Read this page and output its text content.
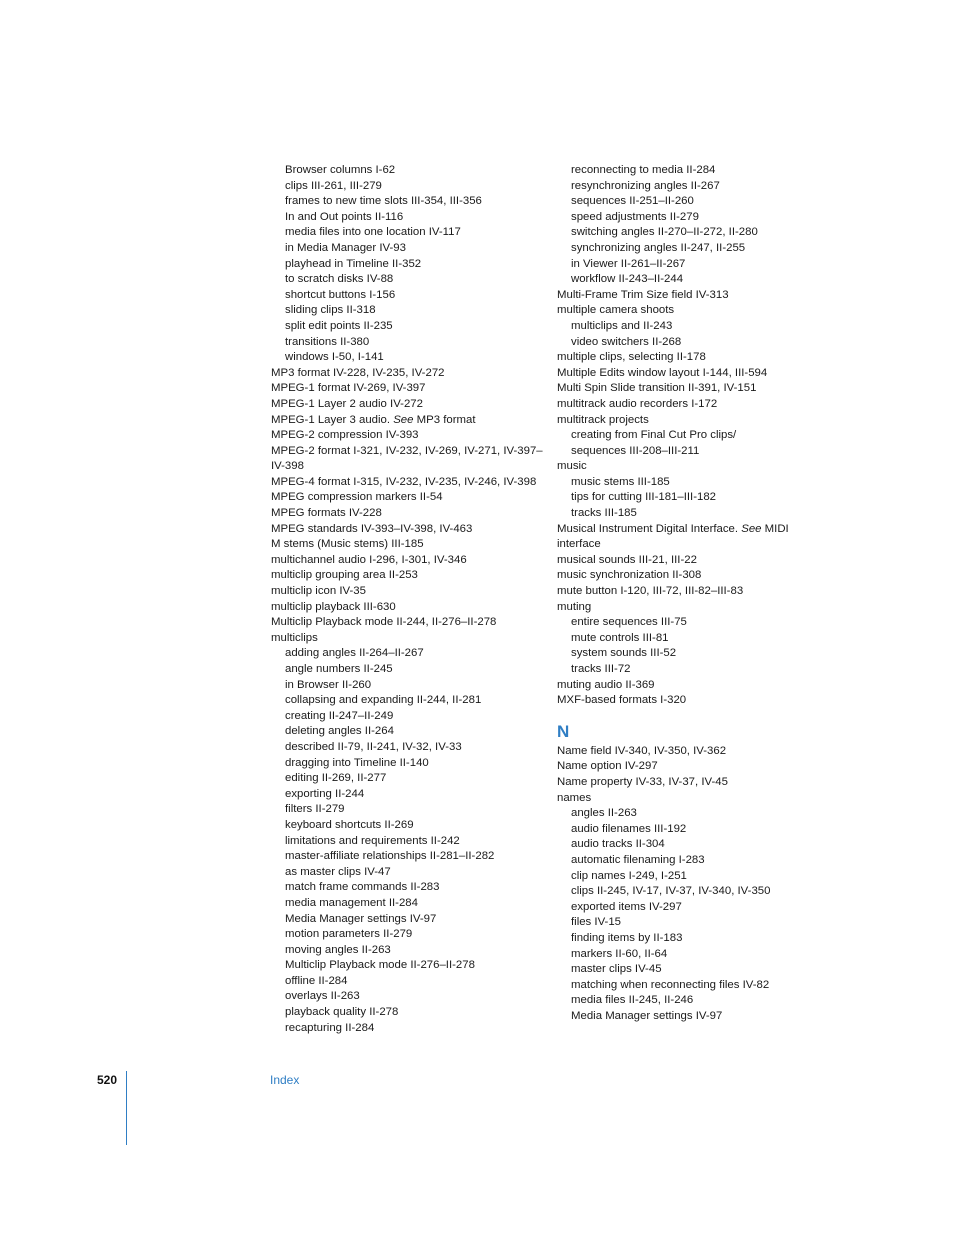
Browser columns I-62
clips III-261, III-279
frames to new time slots III-354, III-356
In and Out points II-116
media files into one location IV-117
in Media Manager IV-93
playhead in Timeline II-352
to scratch disks IV-88
shortcut buttons I-156
sliding clips II-318
split edit points II-235
transitions II-380
windows I-50, I-141
MP3 format IV-228, IV-235, IV-272
MPEG-1 format IV-269, IV-397
MPEG-1 Layer 2 audio IV-272
MPEG-1 Layer 3 audio. See MP3 format
MPEG-2 compression IV-393
MPEG-2 format I-321, IV-232, IV-269, IV-271, IV-397–IV-398
MPEG-4 format I-315, IV-232, IV-235, IV-246, IV-398
MPEG compression markers II-54
MPEG formats IV-228
MPEG standards IV-393–IV-398, IV-463
M stems (Music stems) III-185
multichannel audio I-296, I-301, IV-346
multiclip grouping area II-253
multiclip icon IV-35
multiclip playback III-630
Multiclip Playback mode II-244, II-276–II-278
multiclips
adding angles II-264–II-267
angle numbers II-245
in Browser II-260
collapsing and expanding II-244, II-281
creating II-247–II-249
deleting angles II-264
described II-79, II-241, IV-32, IV-33
dragging into Timeline II-140
editing II-269, II-277
exporting II-244
filters II-279
keyboard shortcuts II-269
limitations and requirements II-242
master-affiliate relationships II-281–II-282
as master clips IV-47
match frame commands II-283
media management II-284
Media Manager settings IV-97
motion parameters II-279
moving angles II-263
Multiclip Playback mode II-276–II-278
offline II-284
overlays II-263
playback quality II-278
recapturing II-284
reconnecting to media II-284
resynchronizing angles II-267
sequences II-251–II-260
speed adjustments II-279
switching angles II-270–II-272, II-280
synchronizing angles II-247, II-255
in Viewer II-261–II-267
workflow II-243–II-244
Multi-Frame Trim Size field IV-313
multiple camera shoots
multiclips and II-243
video switchers II-268
multiple clips, selecting II-178
Multiple Edits window layout I-144, III-594
Multi Spin Slide transition II-391, IV-151
multitrack audio recorders I-172
multitrack projects
creating from Final Cut Pro clips/
sequences III-208–III-211
music
music stems III-185
tips for cutting III-181–III-182
tracks III-185
Musical Instrument Digital Interface. See MIDI interface
musical sounds III-21, III-22
music synchronization II-308
mute button I-120, III-72, III-82–III-83
muting
entire sequences III-75
mute controls III-81
system sounds III-52
tracks III-72
muting audio II-369
MXF-based formats I-320
N
Name field IV-340, IV-350, IV-362
Name option IV-297
Name property IV-33, IV-37, IV-45
names
angles II-263
audio filenames III-192
audio tracks II-304
automatic filenaming I-283
clip names I-249, I-251
clips II-245, IV-17, IV-37, IV-340, IV-350
exported items IV-297
files IV-15
finding items by II-183
markers II-60, II-64
master clips IV-45
matching when reconnecting files IV-82
media files II-245, II-246
Media Manager settings IV-97
520	Index
